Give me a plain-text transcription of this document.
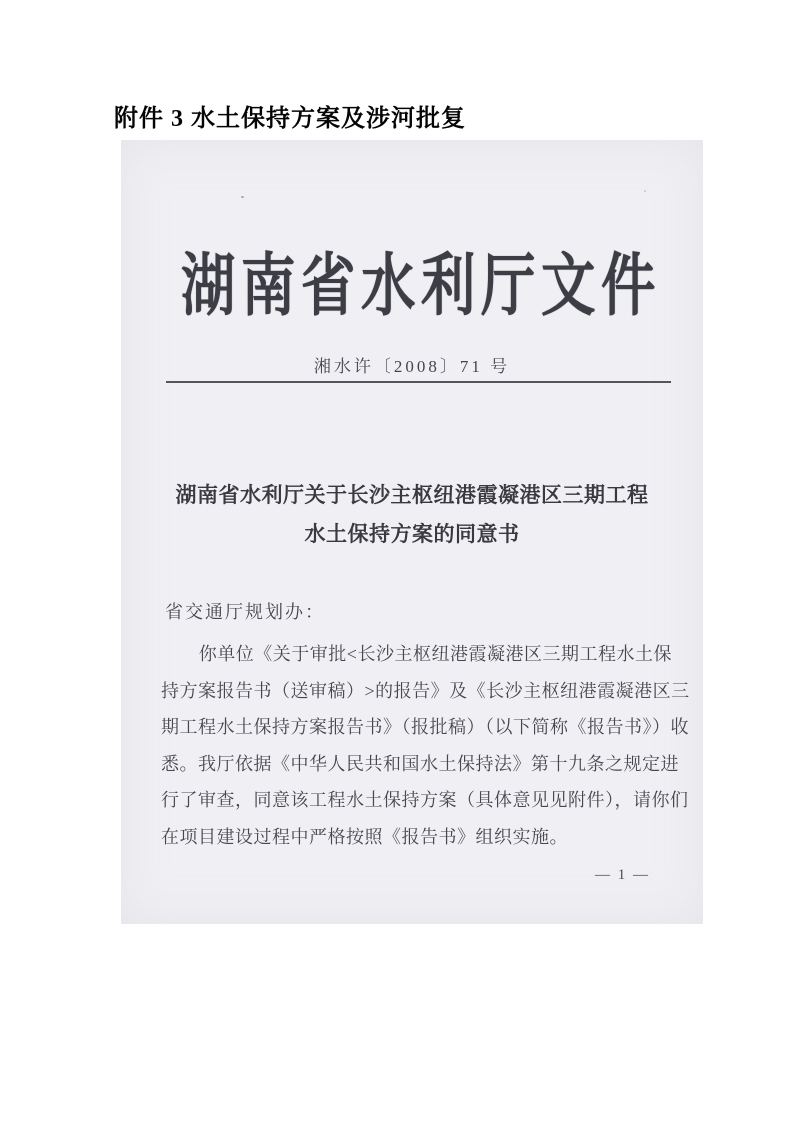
附件 3 水土保持方案及涉河批复
湖南省水利厅文件
湘水许〔2008〕71 号
湖南省水利厅关于长沙主枢纽港霞凝港区三期工程
水土保持方案的同意书
省交通厅规划办：
你单位《关于审批<长沙主枢纽港霞凝港区三期工程水土保
持方案报告书（送审稿）>的报告》及《长沙主枢纽港霞凝港区三
期工程水土保持方案报告书》（报批稿）（以下简称《报告书》）收
悉。我厅依据《中华人民共和国水土保持法》第十九条之规定进
行了审查，同意该工程水土保持方案（具体意见见附件），请你们
在项目建设过程中严格按照《报告书》组织实施。
— 1 —
